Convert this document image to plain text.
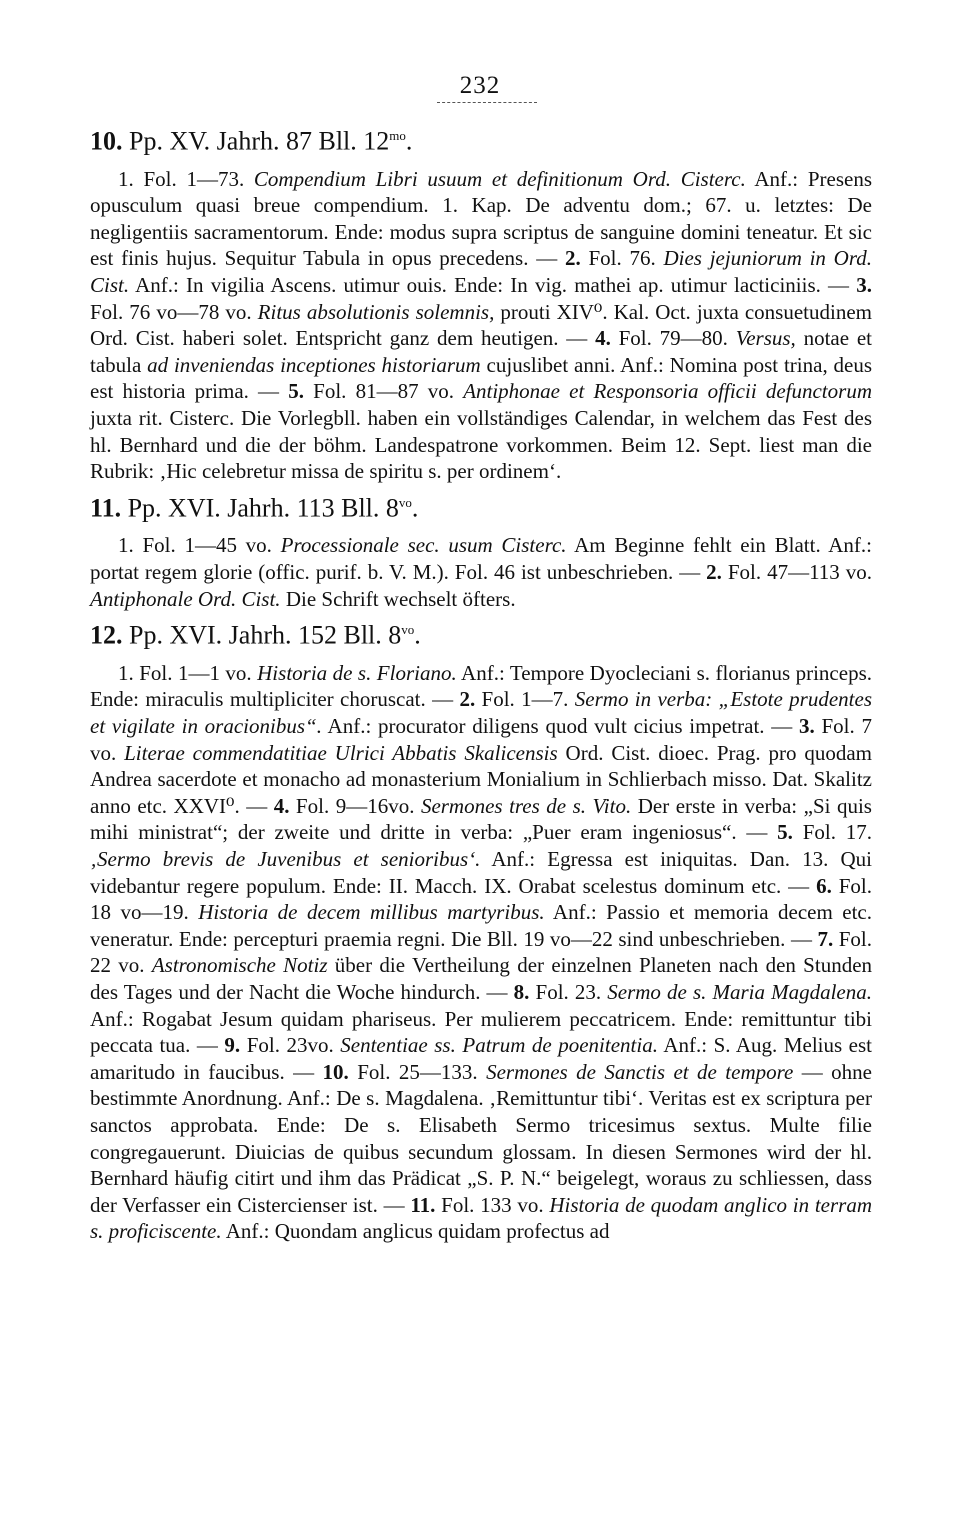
232
10. Pp. XV. Jahrh. 87 Bll. $12^{mo}$.

1. Fol. 1—73. Compendium Libri usuum et definitionum Ord. Cisterc. Anf.: Presens opusculum quasi breue compendium. 1. Kap. De adventu dom.; 67. u. letztes: De negligentiis sacramentorum. Ende: modus supra scriptus de sanguine domini teneatur. Et sic est finis hujus. Sequitur Tabula in opus precedens. — 2. Fol. 76. Dies jejuniorum in Ord. Cist. Anf.: In vigilia Ascens. utimur ouis. Ende: In vig. mathei ap. utimur lacticiniis. — 3. Fol. 76 vo—78 vo. Ritus absolutionis solemnis, prouti XIV⁰. Kal. Oct. juxta consuetudinem Ord. Cist. haberi solet. Entspricht ganz dem heutigen. — 4. Fol. 79—80. Versus, notae et tabula ad inveniendas inceptiones historiarum cujuslibet anni. Anf.: Nomina post trina, deus est historia prima. — 5. Fol. 81—87 vo. Antiphonae et Responsoria officii defunctorum juxta rit. Cisterc. Die Vorlegbll. haben ein vollständiges Calendar, in welchem das Fest des hl. Bernhard und die der böhm. Landespatrone vorkommen. Beim 12. Sept. liest man die Rubrik: ‚Hic celebretur missa de spiritu s. per ordinem‘.

11. Pp. XVI. Jahrh. 113 Bll. $8^{vo}$.

1. Fol. 1—45 vo. Processionale sec. usum Cisterc. Am Beginne fehlt ein Blatt. Anf.: portat regem glorie (offic. purif. b. V. M.). Fol. 46 ist unbeschrieben. — 2. Fol. 47—113 vo. Antiphonale Ord. Cist. Die Schrift wechselt öfters.

12. Pp. XVI. Jahrh. 152 Bll. $8^{vo}$.

1. Fol. 1—1 vo. Historia de s. Floriano. Anf.: Tempore Dyocleciani s. florianus princeps. Ende: miraculis multipliciter choruscat. — 2. Fol. 1—7. Sermo in verba: „Estote prudentes et vigilate in oracionibus“. Anf.: procurator diligens quod vult cicius impetrat. — 3. Fol. 7 vo. Literae commendatitiae Ulrici Abbatis Skalicensis Ord. Cist. dioec. Prag. pro quodam Andrea sacerdote et monacho ad monasterium Monialium in Schlierbach misso. Dat. Skalitz anno etc. XXVI⁰. — 4. Fol. 9—16vo. Sermones tres de s. Vito. Der erste in verba: „Si quis mihi ministrat“; der zweite und dritte in verba: „Puer eram ingeniosus“. — 5. Fol. 17. ‚Sermo brevis de Juvenibus et senioribus‘. Anf.: Egressa est iniquitas. Dan. 13. Qui videbantur regere populum. Ende: II. Macch. IX. Orabat scelestus dominum etc. — 6. Fol. 18 vo—19. Historia de decem millibus martyribus. Anf.: Passio et memoria decem etc. veneratur. Ende: percepturi praemia regni. Die Bll. 19 vo—22 sind unbeschrieben. — 7. Fol. 22 vo. Astronomische Notiz über die Vertheilung der einzelnen Planeten nach den Stunden des Tages und der Nacht die Woche hindurch. — 8. Fol. 23. Sermo de s. Maria Magdalena. Anf.: Rogabat Jesum quidam phariseus. Per mulierem peccatricem. Ende: remittuntur tibi peccata tua. — 9. Fol. 23vo. Sententiae ss. Patrum de poenitentia. Anf.: S. Aug. Melius est amaritudo in faucibus. — 10. Fol. 25—133. Sermones de Sanctis et de tempore — ohne bestimmte Anordnung. Anf.: De s. Magdalena. ‚Remittuntur tibi‘. Veritas est ex scriptura per sanctos approbata. Ende: De s. Elisabeth Sermo tricesimus sextus. Multe filie congregauerunt. Diuicias de quibus secundum glossam. In diesen Sermones wird der hl. Bernhard häufig citirt und ihm das Prädicat „S. P. N.“ beigelegt, woraus zu schliessen, dass der Verfasser ein Cistercienser ist. — 11. Fol. 133 vo. Historia de quodam anglico in terram s. proficiscente. Anf.: Quondam anglicus quidam profectus ad
